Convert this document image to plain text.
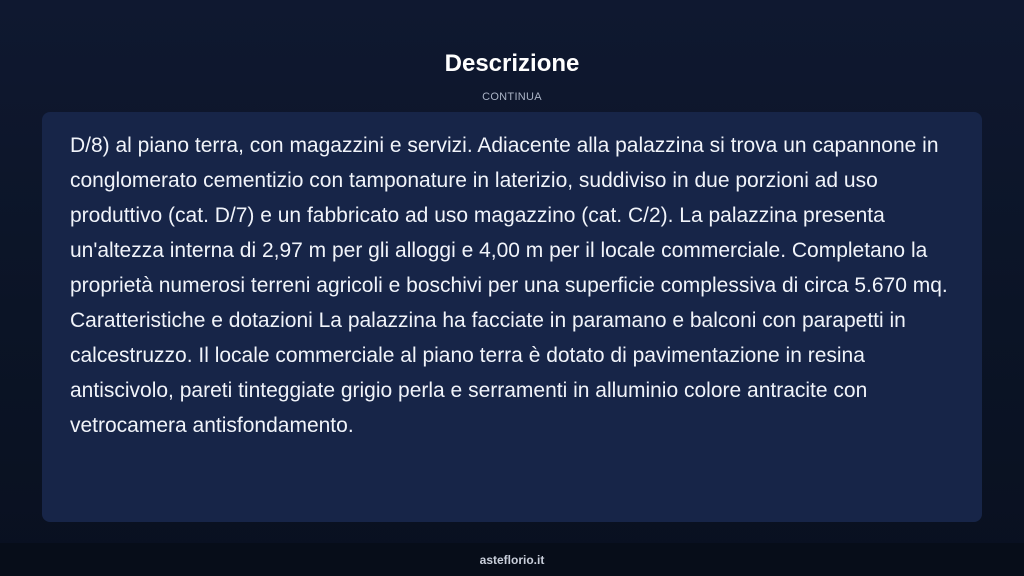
Descrizione
CONTINUA

D/8) al piano terra, con magazzini e servizi. Adiacente alla palazzina si trova un capannone in conglomerato cementizio con tamponature in laterizio, suddiviso in due porzioni ad uso produttivo (cat. D/7) e un fabbricato ad uso magazzino (cat. C/2). La palazzina presenta un'altezza interna di 2,97 m per gli alloggi e 4,00 m per il locale commerciale. Completano la proprietà numerosi terreni agricoli e boschivi per una superficie complessiva di circa 5.670 mq. Caratteristiche e dotazioni La palazzina ha facciate in paramano e balconi con parapetti in calcestruzzo. Il locale commerciale al piano terra è dotato di pavimentazione in resina antiscivolo, pareti tinteggiate grigio perla e serramenti in alluminio colore antracite con vetrocamera antisfondamento.

asteflorio.it
